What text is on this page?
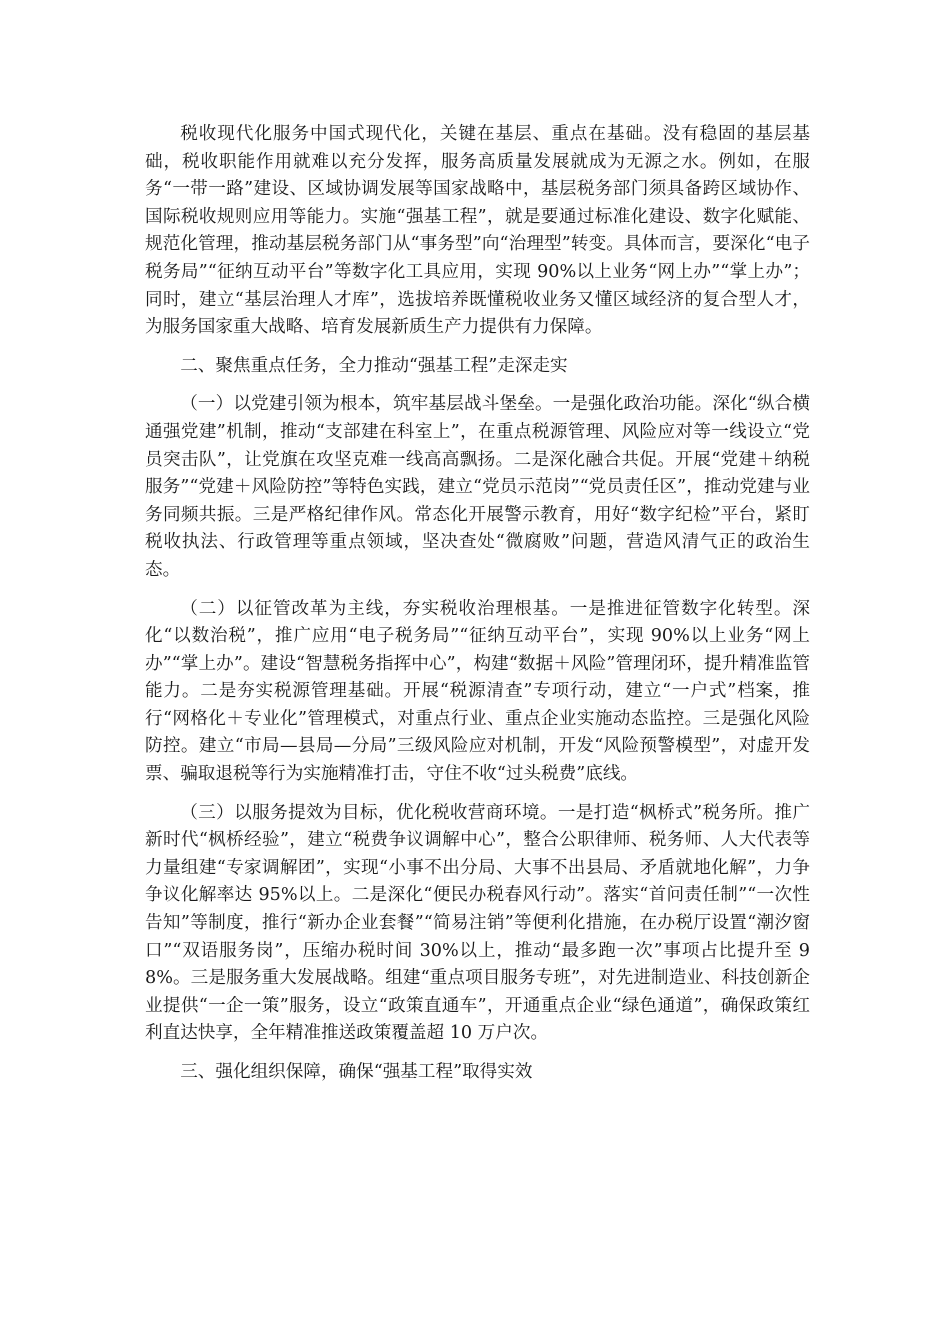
税收现代化服务中国式现代化，关键在基层、重点在基础。没有稳固的基层基础，税收职能作用就难以充分发挥，服务高质量发展就成为无源之水。例如，在服务“一带一路”建设、区域协调发展等国家战略中，基层税务部门须具备跨区域协作、国际税收规则应用等能力。实施“强基工程”，就是要通过标准化建设、数字化赋能、规范化管理，推动基层税务部门从“事务型”向“治理型”转变。具体而言，要深化“电子税务局”“征纳互动平台”等数字化工具应用，实现 90%以上业务“网上办”“掌上办”；同时，建立“基层治理人才库”，选拔培养既懂税收业务又懂区域经济的复合型人才，为服务国家重大战略、培育发展新质生产力提供有力保障。

二、聚焦重点任务，全力推动“强基工程”走深走实

（一）以党建引领为根本，筑牢基层战斗堡垒。一是强化政治功能。深化“纵合横通强党建”机制，推动“支部建在科室上”，在重点税源管理、风险应对等一线设立“党员突击队”，让党旗在攻坚克难一线高高飘扬。二是深化融合共促。开展“党建＋纳税服务”“党建＋风险防控”等特色实践，建立“党员示范岗”“党员责任区”，推动党建与业务同频共振。三是严格纪律作风。常态化开展警示教育，用好“数字纪检”平台，紧盯税收执法、行政管理等重点领域，坚决查处“微腐败”问题，营造风清气正的政治生态。

（二）以征管改革为主线，夯实税收治理根基。一是推进征管数字化转型。深化“以数治税”，推广应用“电子税务局”“征纳互动平台”，实现 90%以上业务“网上办”“掌上办”。建设“智慧税务指挥中心”，构建“数据＋风险”管理闭环，提升精准监管能力。二是夯实税源管理基础。开展“税源清查”专项行动，建立“一户式”档案，推行“网格化＋专业化”管理模式，对重点行业、重点企业实施动态监控。三是强化风险防控。建立“市局—县局—分局”三级风险应对机制，开发“风险预警模型”，对虚开发票、骗取退税等行为实施精准打击，守住不收“过头税费”底线。

（三）以服务提效为目标，优化税收营商环境。一是打造“枫桥式”税务所。推广新时代“枫桥经验”，建立“税费争议调解中心”，整合公职律师、税务师、人大代表等力量组建“专家调解团”，实现“小事不出分局、大事不出县局、矛盾就地化解”，力争争议化解率达 95%以上。二是深化“便民办税春风行动”。落实“首问责任制”“一次性告知”等制度，推行“新办企业套餐”“简易注销”等便利化措施，在办税厅设置“潮汐窗口”“双语服务岗”，压缩办税时间 30%以上，推动“最多跑一次”事项占比提升至 98%。三是服务重大发展战略。组建“重点项目服务专班”，对先进制造业、科技创新企业提供“一企一策”服务，设立“政策直通车”，开通重点企业“绿色通道”，确保政策红利直达快享，全年精准推送政策覆盖超 10 万户次。

三、强化组织保障，确保“强基工程”取得实效
